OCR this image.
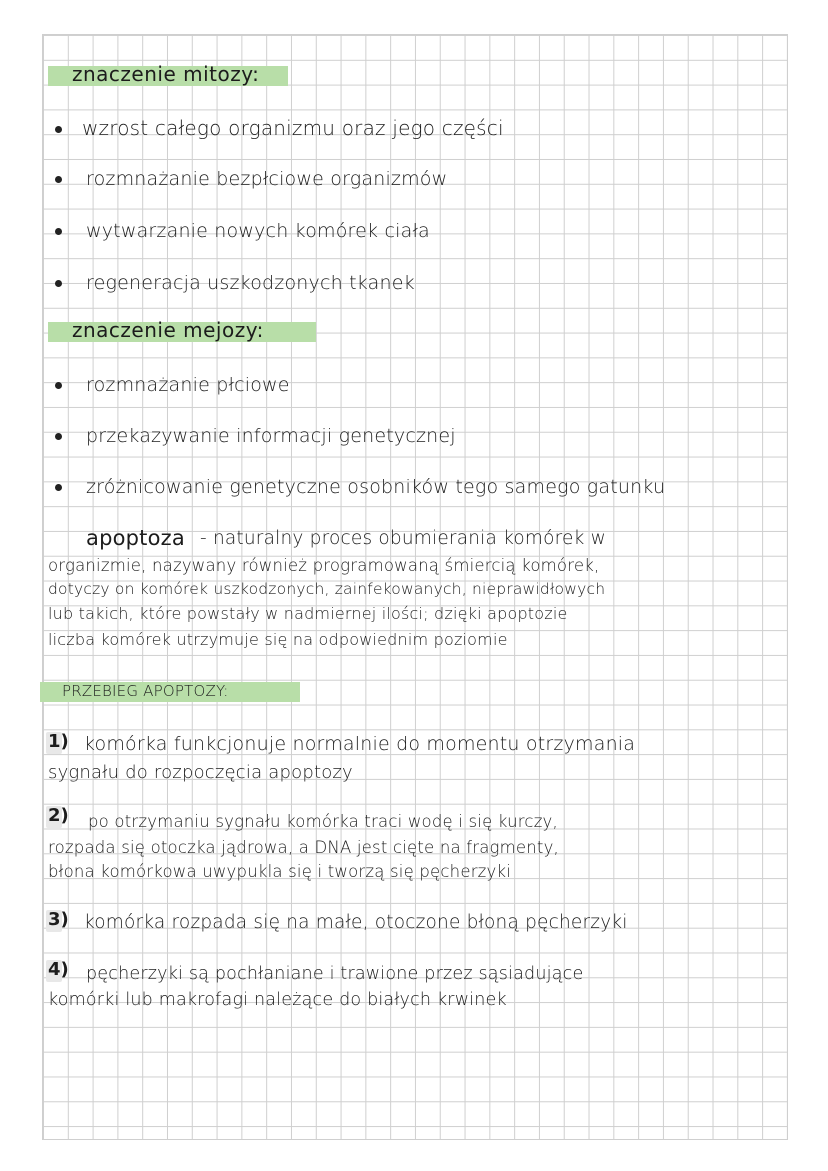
znaczenie mitozy:
wzrost całego organizmu oraz jego części
rozmnażanie bezpłciowe organizmów
wytwarzanie nowych komórek ciała
regeneracja uszkodzonych tkanek
znaczenie mejozy:
rozmnażanie płciowe
przekazywanie informacji genetycznej
zróżnicowanie genetyczne osobników tego samego gatunku
apoptoza - naturalny proces obumierania komórek w
organizmie, nazywany również programowaną śmiercią komórek,
dotyczy on komórek uszkodzonych, zainfekowanych, nieprawidłowych
lub takich, które powstały w nadmiernej ilości; dzięki apoptozie
liczba komórek utrzymuje się na odpowiednim poziomie
PRZEBIEG APOPTOZY:
1) komórka funkcjonuje normalnie do momentu otrzymania
sygnału do rozpoczęcia apoptozy
2) po otrzymaniu sygnału komórka traci wodę i się kurczy,
rozpada się otoczka jądrowa, a DNA jest cięte na fragmenty,
błona komórkowa uwypukla się i tworzą się pęcherzyki
3) komórka rozpada się na małe, otoczone błoną pęcherzyki
4) pęcherzyki są pochłaniane i trawione przez sąsiadujące
komórki lub makrofagi należące do białych krwinek
